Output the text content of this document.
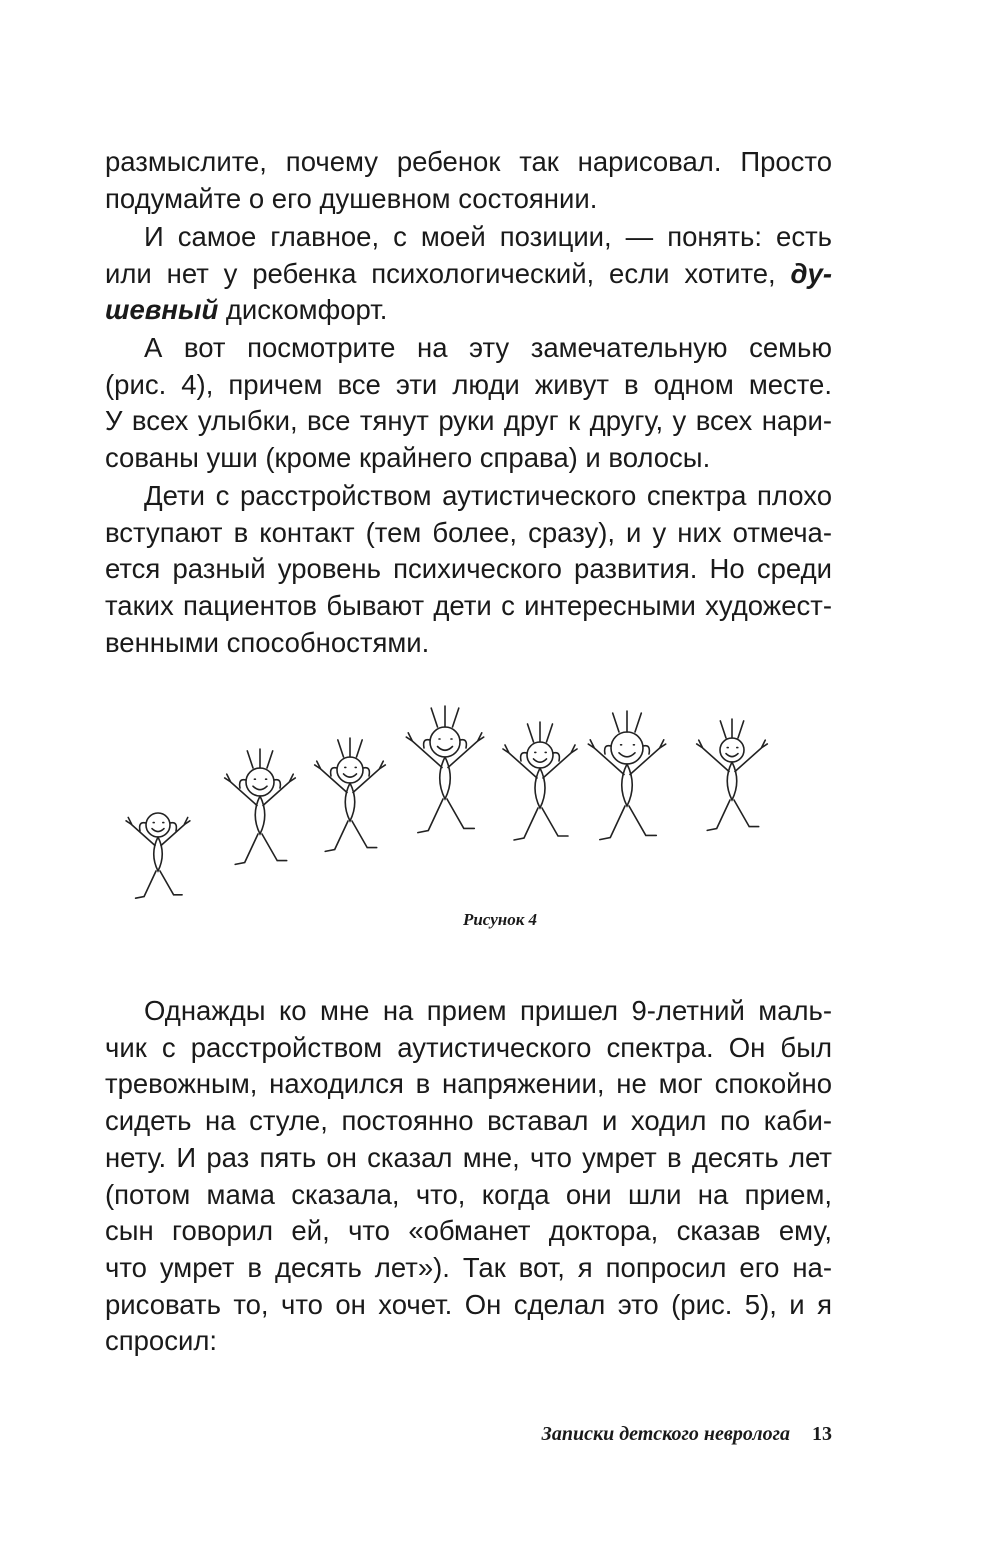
размыслите, почему ребенок так нарисовал. Просто
подумайте о его душевном состоянии.
И самое главное, с моей позиции, — понять: есть
или нет у ребенка психологический, если хотите, ду-
шевный дискомфорт.
А вот посмотрите на эту замечательную семью
(рис. 4), причем все эти люди живут в одном месте.
У всех улыбки, все тянут руки друг к другу, у всех нари-
сованы уши (кроме крайнего справа) и волосы.
Дети с расстройством аутистического спектра плохо
вступают в контакт (тем более, сразу), и у них отмеча-
ется разный уровень психического развития. Но среди
таких пациентов бывают дети с интересными художест-
венными способностями.
Рисунок 4
Однажды ко мне на прием пришел 9-летний маль-
чик с расстройством аутистического спектра. Он был
тревожным, находился в напряжении, не мог спокойно
сидеть на стуле, постоянно вставал и ходил по каби-
нету. И раз пять он сказал мне, что умрет в десять лет
(потом мама сказала, что, когда они шли на прием,
сын говорил ей, что «обманет доктора, сказав ему,
что умрет в десять лет»). Так вот, я попросил его на-
рисовать то, что он хочет. Он сделал это (рис. 5), и я
спросил:
Записки детского невролога 13
